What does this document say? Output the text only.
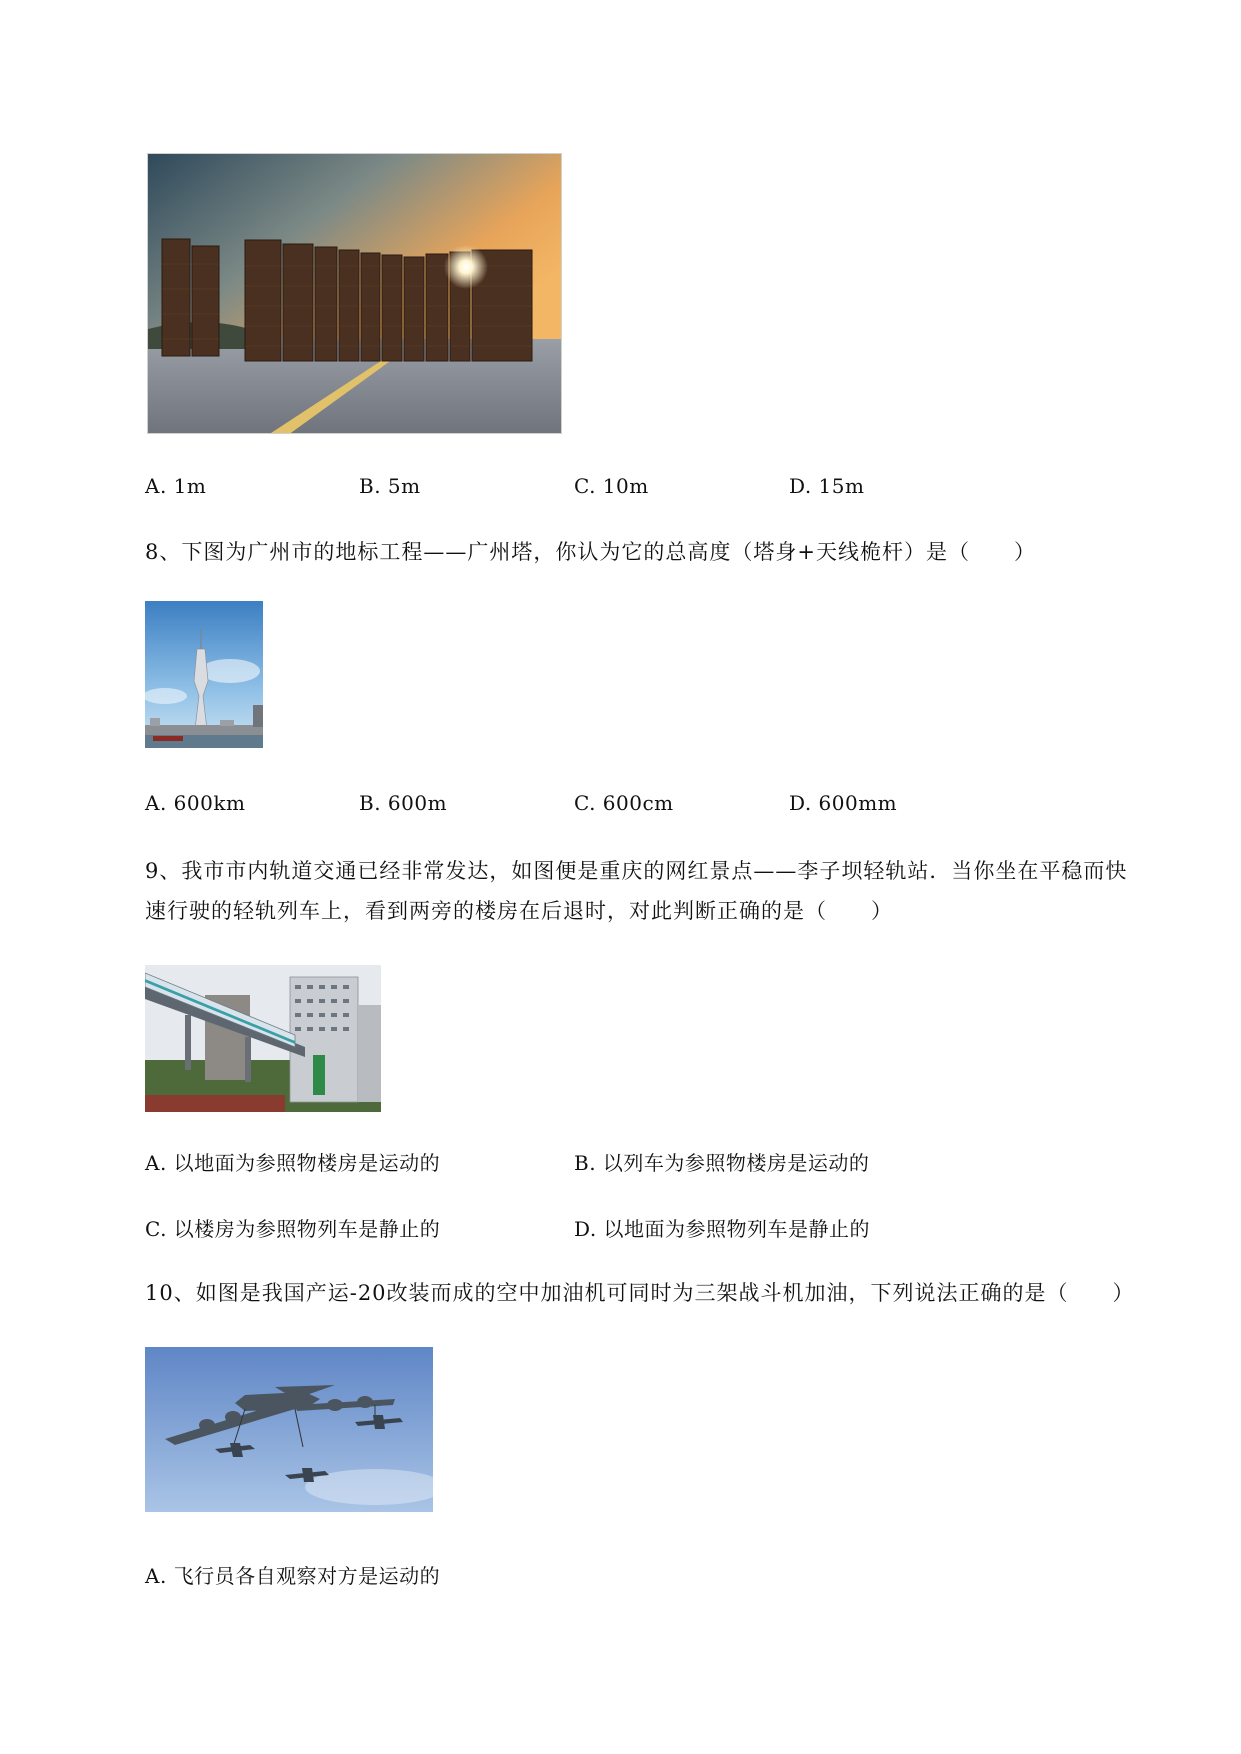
A. 1m	B. 5m	C. 10m	D. 15m
8、下图为广州市的地标工程——广州塔，你认为它的总高度（塔身+天线桅杆）是（　　）
A. 600km	B. 600m	C. 600cm	D. 600mm
9、我市市内轨道交通已经非常发达，如图便是重庆的网红景点——李子坝轻轨站．当你坐在平稳而快
速行驶的轻轨列车上，看到两旁的楼房在后退时，对此判断正确的是（　　）
A. 以地面为参照物楼房是运动的	B. 以列车为参照物楼房是运动的
C. 以楼房为参照物列车是静止的	D. 以地面为参照物列车是静止的
10、如图是我国产运-20改装而成的空中加油机可同时为三架战斗机加油，下列说法正确的是（　　）
A. 飞行员各自观察对方是运动的
